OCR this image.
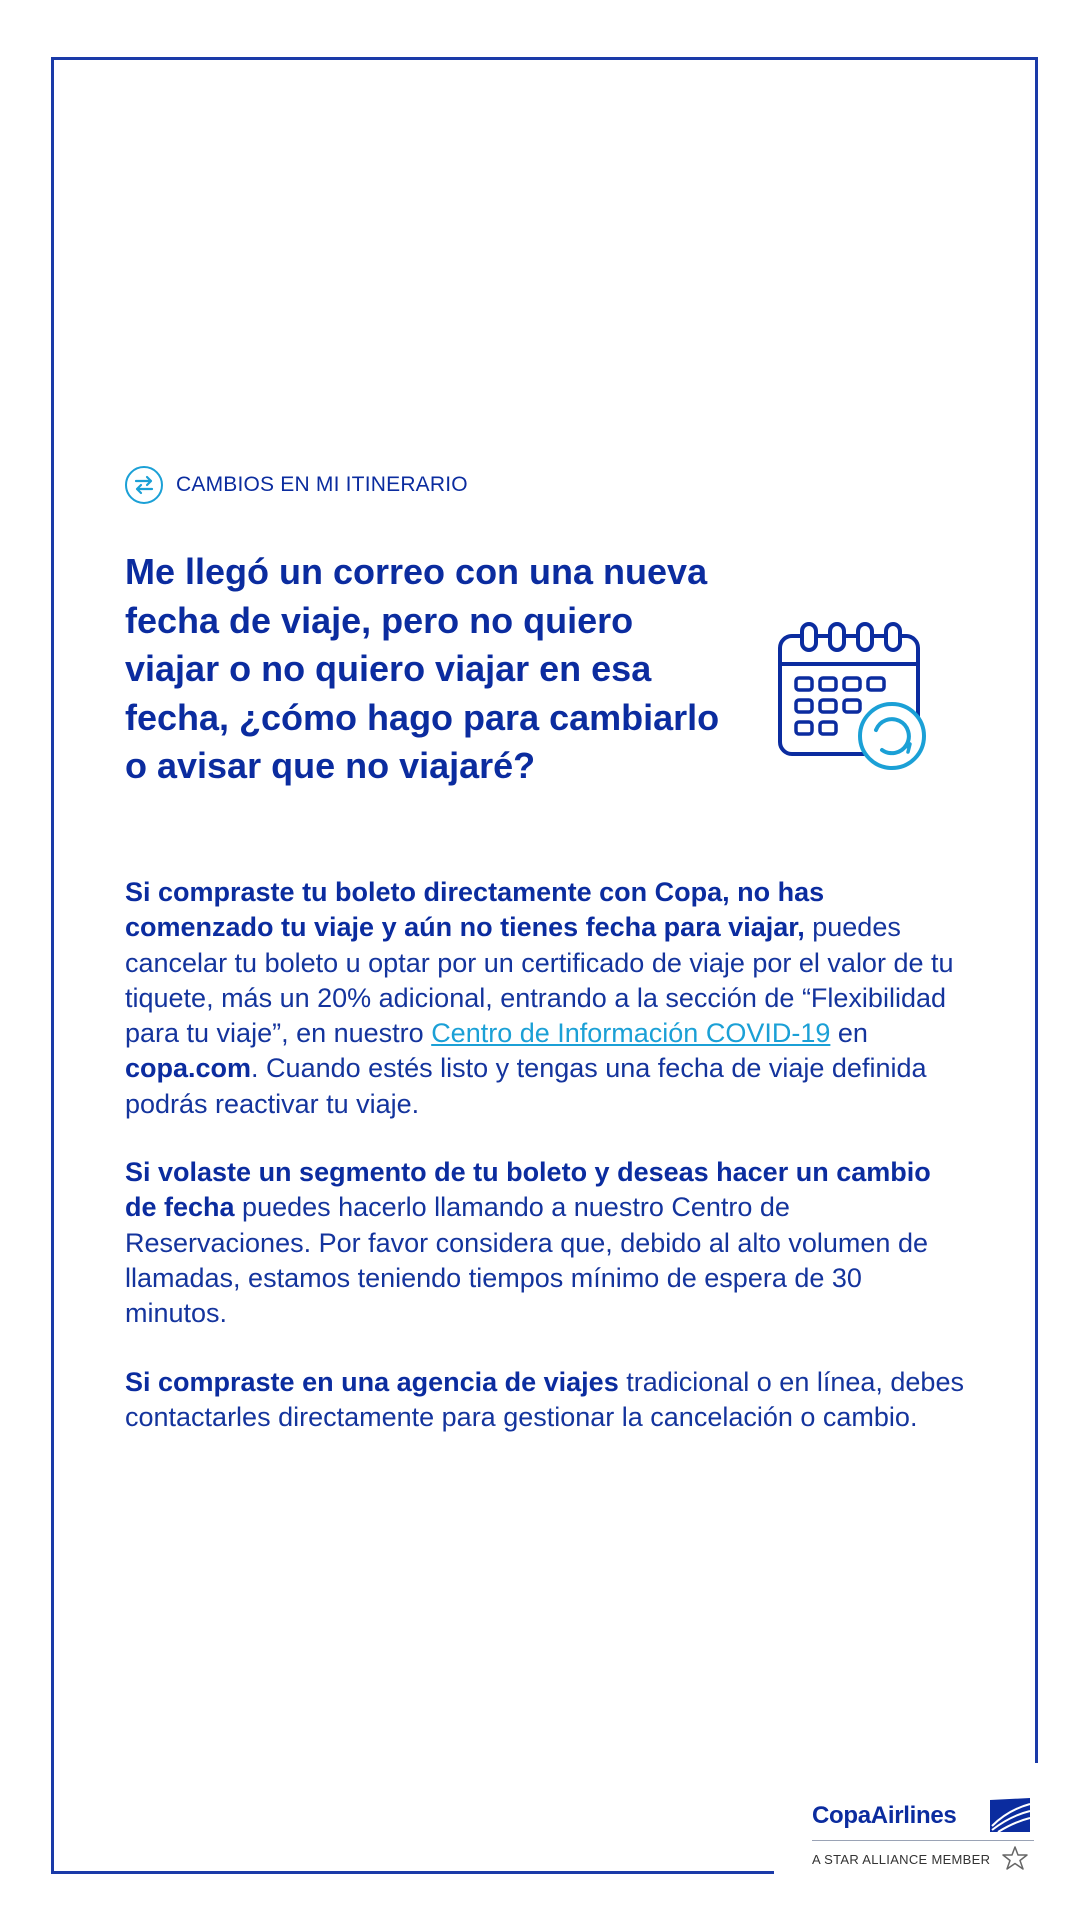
CAMBIOS EN MI ITINERARIO
Me llegó un correo con una nueva fecha de viaje, pero no quiero viajar o no quiero viajar en esa fecha, ¿cómo hago para cambiarlo o avisar que no viajaré?

Si compraste tu boleto directamente con Copa, no has comenzado tu viaje y aún no tienes fecha para viajar, puedes cancelar tu boleto u optar por un certificado de viaje por el valor de tu tiquete, más un 20% adicional, entrando a la sección de “Flexibilidad para tu viaje”, en nuestro Centro de Información COVID-19 en copa.com. Cuando estés listo y tengas una fecha de viaje definida podrás reactivar tu viaje.

Si volaste un segmento de tu boleto y deseas hacer un cambio de fecha puedes hacerlo llamando a nuestro Centro de Reservaciones. Por favor considera que, debido al alto volumen de llamadas, estamos teniendo tiempos mínimo de espera de 30 minutos.

Si compraste en una agencia de viajes tradicional o en línea, debes contactarles directamente para gestionar la cancelación o cambio.

CopaAirlines
A STAR ALLIANCE MEMBER
